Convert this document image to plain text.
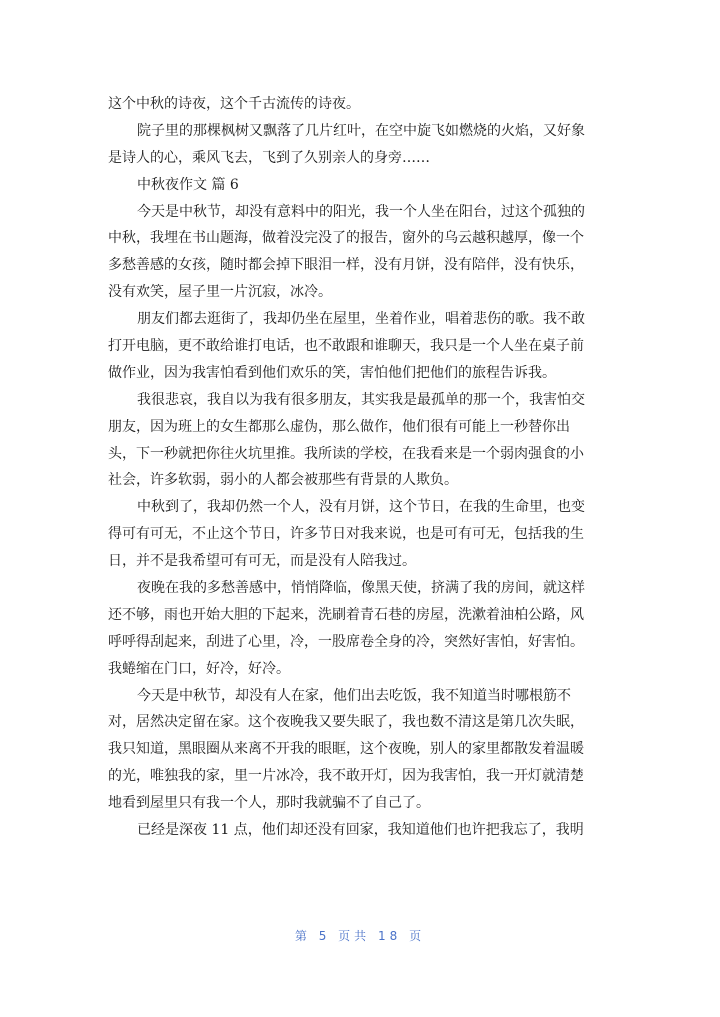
这个中秋的诗夜，这个千古流传的诗夜。
院子里的那棵枫树又飘落了几片红叶，在空中旋飞如燃烧的火焰，又好象
是诗人的心，乘风飞去，飞到了久别亲人的身旁……
中秋夜作文 篇 6
今天是中秋节，却没有意料中的阳光，我一个人坐在阳台，过这个孤独的
中秋，我埋在书山题海，做着没完没了的报告，窗外的乌云越积越厚，像一个
多愁善感的女孩，随时都会掉下眼泪一样，没有月饼，没有陪伴，没有快乐，
没有欢笑，屋子里一片沉寂，冰冷。
朋友们都去逛街了，我却仍坐在屋里，坐着作业，唱着悲伤的歌。我不敢
打开电脑，更不敢给谁打电话，也不敢跟和谁聊天，我只是一个人坐在桌子前
做作业，因为我害怕看到他们欢乐的笑，害怕他们把他们的旅程告诉我。
我很悲哀，我自以为我有很多朋友，其实我是最孤单的那一个，我害怕交
朋友，因为班上的女生都那么虚伪，那么做作，他们很有可能上一秒替你出
头，下一秒就把你往火坑里推。我所读的学校，在我看来是一个弱肉强食的小
社会，许多软弱，弱小的人都会被那些有背景的人欺负。
中秋到了，我却仍然一个人，没有月饼，这个节日，在我的生命里，也变
得可有可无，不止这个节日，许多节日对我来说，也是可有可无，包括我的生
日，并不是我希望可有可无，而是没有人陪我过。
夜晚在我的多愁善感中，悄悄降临，像黑天使，挤满了我的房间，就这样
还不够，雨也开始大胆的下起来，洗刷着青石巷的房屋，洗漱着油柏公路，风
呼呼得刮起来，刮进了心里，冷，一股席卷全身的冷，突然好害怕，好害怕。
我蜷缩在门口，好冷，好冷。
今天是中秋节，却没有人在家，他们出去吃饭，我不知道当时哪根筋不
对，居然决定留在家。这个夜晚我又要失眠了，我也数不清这是第几次失眠，
我只知道，黑眼圈从来离不开我的眼眶，这个夜晚，别人的家里都散发着温暖
的光，唯独我的家，里一片冰冷，我不敢开灯，因为我害怕，我一开灯就清楚
地看到屋里只有我一个人，那时我就骗不了自己了。
已经是深夜 11 点，他们却还没有回家，我知道他们也许把我忘了，我明
第 5 页共 18 页
